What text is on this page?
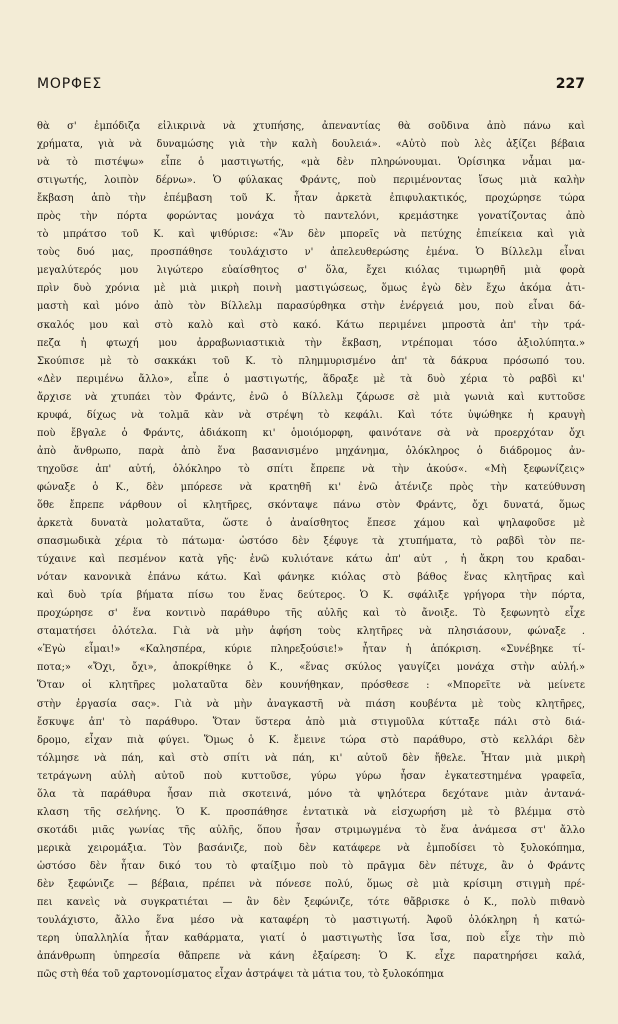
ΜΟΡΦΕΣ	227
θὰ σ' ἐμπόδιζα εἰλικρινὰ νὰ χτυπήσης, ἀπεναντίας θὰ σοῦδινα ἀπὸ πάνω καὶ
χρήματα, γιὰ νὰ δυναμώσης γιὰ τὴν καλὴ δουλειά». «Αὐτὸ ποὺ λὲς ἀξίζει βέβαια
νὰ τὸ πιστέψω» εἶπε ὁ μαστιγωτής, «μὰ δὲν πληρώνουμαι. Ὁρίσιηκα νἆμαι μα-
στιγωτής, λοιπὸν δέρνω». Ὁ φύλακας Φράντς, ποὺ περιμένοντας ἴσως μιὰ καλὴν
ἔκβαση ἀπὸ τὴν ἐπέμβαση τοῦ Κ. ἦταν ἀρκετὰ ἐπιφυλακτικός, προχώρησε τώρα
πρὸς τὴν πόρτα φορώντας μονάχα τὸ παντελόνι, κρεμάστηκε γονατίζοντας ἀπὸ
τὸ μπράτσο τοῦ Κ. καὶ ψιθύρισε: «Ἂν δὲν μπορεῖς νὰ πετύχης ἐπιείκεια καὶ γιὰ
τοὺς δυό μας, προσπάθησε τουλάχιστο ν' ἀπελευθερώσης ἐμένα. Ὁ Βίλλελμ εἶναι
μεγαλύτερός μου λιγώτερο εὐαίσθητος σ' ὅλα, ἔχει κιόλας τιμωρηθῆ μιὰ φορὰ
πρὶν δυὸ χρόνια μὲ μιὰ μικρὴ ποινὴ μαστιγώσεως, ὅμως ἐγὼ δὲν ἔχω ἀκόμα ἀτι-
μαστὴ καὶ μόνο ἀπὸ τὸν Βίλλελμ παρασύρθηκα στὴν ἐνέργειά μου, ποὺ εἶναι δά-
σκαλός μου καὶ στὸ καλὸ καὶ στὸ κακό. Κάτω περιμένει μπροστὰ ἀπ' τὴν τρά-
πεζα ἡ φτωχή μου ἀρραβωνιαστικιὰ τὴν ἔκβαση, ντρέπομαι τόσο ἀξιολύπητα.»
Σκούπισε μὲ τὸ σακκάκι τοῦ Κ. τὸ πλημμυρισμένο ἀπ' τὰ δάκρυα πρόσωπό του.
«Δὲν περιμένω ἄλλο», εἶπε ὁ μαστιγωτής, ἅδραξε μὲ τὰ δυὸ χέρια τὸ ραβδὶ κι'
ἄρχισε νὰ χτυπάει τὸν Φράντς, ἐνῶ ὁ Βίλλελμ ζάρωσε σὲ μιὰ γωνιὰ καὶ κυττοῦσε
κρυφά, δίχως νὰ τολμᾶ κὰν νὰ στρέψη τὸ κεφάλι. Καὶ τότε ὑψώθηκε ἡ κραυγὴ
ποὺ ἔβγαλε ὁ Φράντς, ἀδιάκοπη κι' ὁμοιόμορφη, φαινότανε σὰ νὰ προερχόταν ὄχι
ἀπὸ ἄνθρωπο, παρὰ ἀπὸ ἕνα βασανισμένο μηχάνημα, ὁλόκληρος ὁ διάδρομος ἀν-
τηχοῦσε ἀπ' αὐτή, ὁλόκληρο τὸ σπίτι ἔπρεπε νὰ τὴν ἀκούσ«. «Μὴ ξεφωνίζεις»
φώναξε ὁ Κ., δὲν μπόρεσε νὰ κρατηθῆ κι' ἐνῶ ἀτένιζε πρὸς τὴν κατεύθυνση
ὅθε ἔπρεπε νάρθουν οἱ κλητῆρες, σκόνταψε πάνω στὸν Φράντς, ὄχι δυνατά, ὅμως
ἀρκετὰ δυνατὰ μολαταῦτα, ὥστε ὁ ἀναίσθητος ἔπεσε χάμου καὶ ψηλαφοῦσε μὲ
σπασμωδικὰ χέρια τὸ πάτωμα· ὡστόσο δὲν ξέφυγε τὰ χτυπήματα, τὸ ραβδὶ τὸν πε-
τύχαινε καὶ πεσμένον κατὰ γῆς· ἐνῶ κυλιότανε κάτω ἀπ' αὐτ , ἡ ἄκρη του κραδαι-
νόταν κανονικὰ ἐπάνω κάτω. Καὶ φάνηκε κιόλας στὸ βάθος ἕνας κλητῆρας καὶ
καὶ δυὸ τρία βήματα πίσω του ἕνας δεύτερος. Ὁ Κ. σφάλιξε γρήγορα τὴν πόρτα,
προχώρησε σ' ἕνα κοντινὸ παράθυρο τῆς αὐλῆς καὶ τὸ ἄνοιξε. Τὸ ξεφωνητὸ εἶχε
σταματήσει ὁλότελα. Γιὰ νὰ μὴν ἀφήση τοὺς κλητῆρες νὰ πλησιάσουν, φώναξε .
«Ἐγὼ εἶμαι!» «Καλησπέρα, κύριε πληρεξούσιε!» ἦταν ἡ ἀπόκριση. «Συνέβηκε τί-
ποτα;» «Ὄχι, ὄχι», ἀποκρίθηκε ὁ Κ., «ἕνας σκύλος γαυγίζει μονάχα στὴν αὐλή.»
Ὅταν οἱ κλητῆρες μολαταῦτα δὲν κουνήθηκαν, πρόσθεσε : «Μπορεῖτε νὰ μείνετε
στὴν ἐργασία σας». Γιὰ νὰ μὴν ἀναγκαστῆ νὰ πιάση κουβέντα μὲ τοὺς κλητῆρες,
ἔσκυψε ἀπ' τὸ παράθυρο. Ὅταν ὕστερα ἀπὸ μιὰ στιγμοῦλα κύτταξε πάλι στὸ διά-
δρομο, εἶχαν πιὰ φύγει. Ὅμως ὁ Κ. ἔμεινε τώρα στὸ παράθυρο, στὸ κελλάρι δὲν
τόλμησε νὰ πάη, καὶ στὸ σπίτι νὰ πάη, κι' αὐτοῦ δὲν ἤθελε. Ἦταν μιὰ μικρὴ
τετράγωνη αὐλὴ αὐτοῦ ποὺ κυττοῦσε, γύρω γύρω ἦσαν ἐγκατεστημένα γραφεῖα,
ὅλα τὰ παράθυρα ἦσαν πιὰ σκοτεινά, μόνο τὰ ψηλότερα δεχότανε μιὰν ἀντανά-
κλαση τῆς σελήνης. Ὁ Κ. προσπάθησε ἐντατικὰ νὰ εἰσχωρήση μὲ τὸ βλέμμα στὸ
σκοτάδι μιᾶς γωνίας τῆς αὐλῆς, ὅπου ἦσαν στριμωγμένα τὸ ἕνα ἀνάμεσα στ' ἄλλο
μερικὰ χειρομάξια. Τὸν βασάνιζε, ποὺ δὲν κατάφερε νὰ ἐμποδίσει τὸ ξυλοκόπημα,
ὡστόσο δὲν ἦταν δικό του τὸ φταίξιμο ποὺ τὸ πρᾶγμα δὲν πέτυχε, ἂν ὁ Φράντς
δὲν ξεφώνιζε — βέβαια, πρέπει νὰ πόνεσε πολύ, ὅμως σὲ μιὰ κρίσιμη στιγμὴ πρέ-
πει κανεὶς νὰ συγκρατιέται — ἂν δὲν ξεφώνιζε, τότε θἄβρισκε ὁ Κ., πολὺ πιθανὸ
τουλάχιστο, ἄλλο ἕνα μέσο νὰ καταφέρη τὸ μαστιγωτή. Ἀφοῦ ὁλόκληρη ἡ κατώ-
τερη ὑπαλληλία ἦταν καθάρματα, γιατί ὁ μαστιγωτὴς ἴσα ἴσα, ποὺ εἶχε τὴν πιὸ
ἀπάνθρωπη ὑπηρεσία θἄπρεπε νὰ κάνη ἐξαίρεση: Ὁ Κ. εἶχε παρατηρήσει καλά,
πῶς στὴ θέα τοῦ χαρτονομίσματος εἶχαν ἀστράψει τὰ μάτια του, τὸ ξυλοκόπημα
